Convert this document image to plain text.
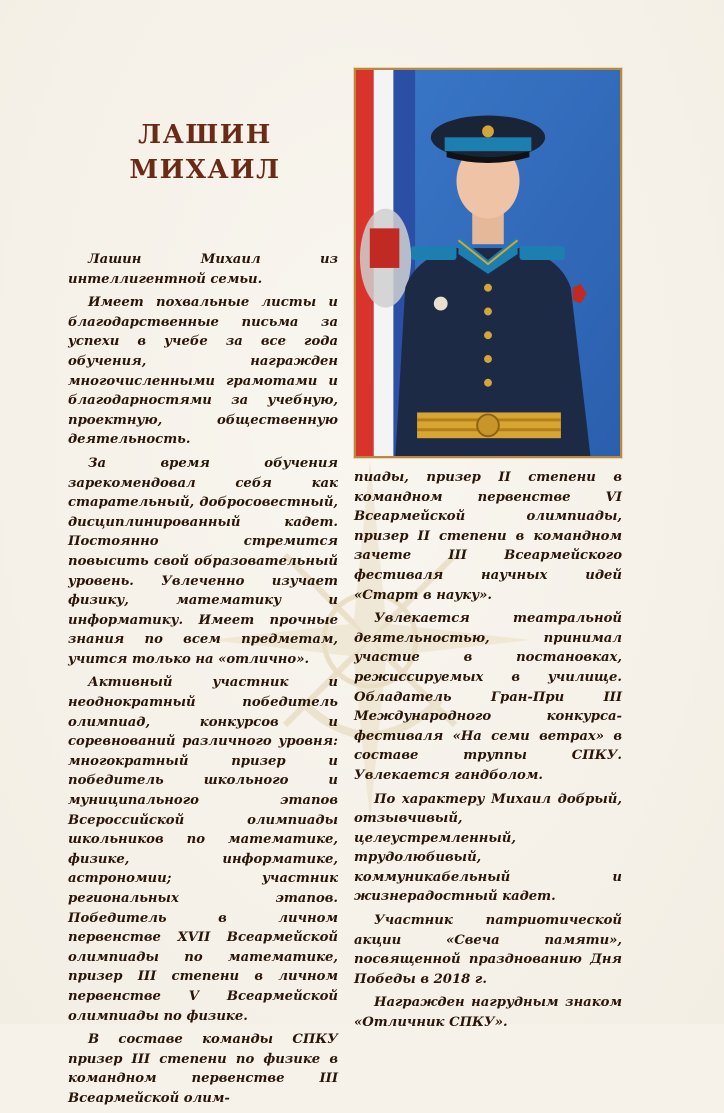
ЛАШИН
МИХАИЛ

Лашин Михаил из интеллигентной семьи.

Имеет похвальные листы и благодарственные письма за успехи в учебе за все года обучения, награжден многочисленными грамотами и благодарностями за учебную, проектную, общественную деятельность.

За время обучения зарекомендовал себя как старательный, добросовестный, дисциплинированный кадет. Постоянно стремится повысить свой образовательный уровень. Увлеченно изучает физику, математику и информатику. Имеет прочные знания по всем предметам, учится только на «отлично».

Активный участник и неоднократный победитель олимпиад, конкурсов и соревнований различного уровня: многократный призер и победитель школьного и муниципального этапов Всероссийской олимпиады школьников по математике, физике, информатике, астрономии; участник региональных этапов. Победитель в личном первенстве XVII Всеармейской олимпиады по математике, призер III степени в личном первенстве V Всеармейской олимпиады по физике.

В составе команды СПКУ призер III степени по физике в командном первенстве III Всеармейской олим-

пиады, призер II степени в командном первенстве VI Всеармейской олимпиады, призер II степени в командном зачете III Всеармейского фестиваля научных идей «Старт в науку».

Увлекается театральной деятельностью, принимал участие в постановках, режиссируемых в училище. Обладатель Гран-При III Международного конкурса-фестиваля «На семи ветрах» в составе труппы СПКУ. Увлекается гандболом.

По характеру Михаил добрый, отзывчивый, целеустремленный, трудолюбивый, коммуникабельный и жизнерадостный кадет.

Участник патриотической акции «Свеча памяти», посвященной празднованию Дня Победы в 2018 г.

Награжден нагрудным знаком «Отличник СПКУ».
